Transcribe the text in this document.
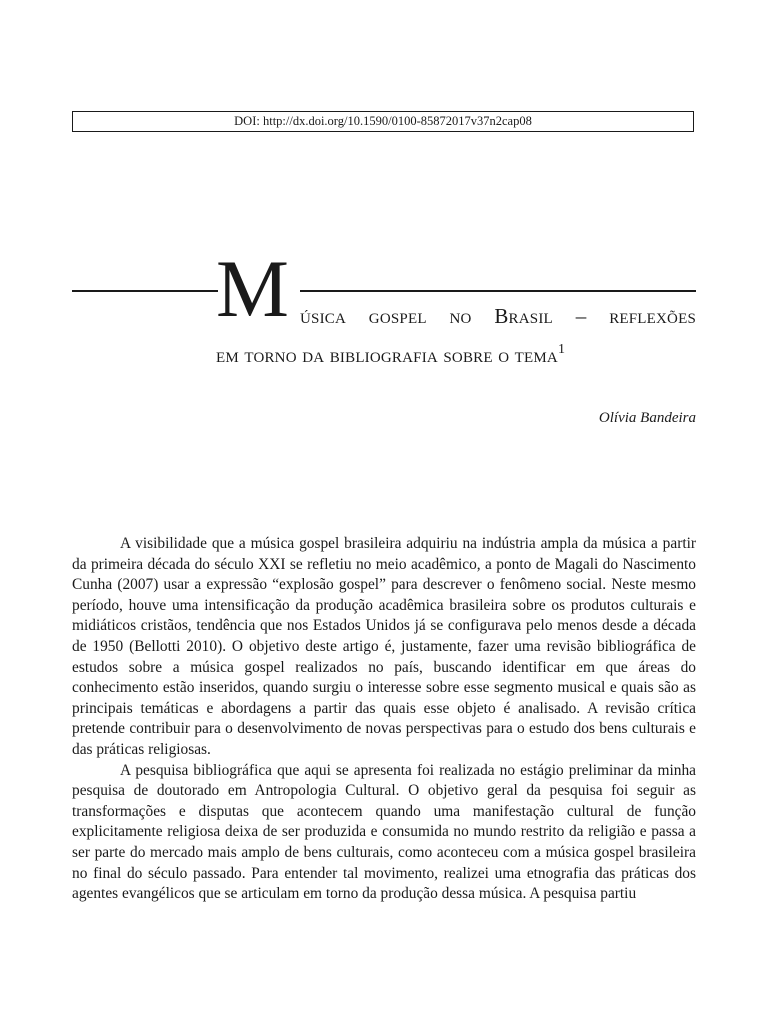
DOI: http://dx.doi.org/10.1590/0100-85872017v37n2cap08
M úsica gospel no Brasil – reflexões
em torno da bibliografia sobre o tema$^1$
Olívia Bandeira

A visibilidade que a música gospel brasileira adquiriu na indústria ampla da música a partir da primeira década do século XXI se refletiu no meio acadêmico, a ponto de Magali do Nascimento Cunha (2007) usar a expressão “explosão gospel” para descrever o fenômeno social. Neste mesmo período, houve uma intensificação da produção acadêmica brasileira sobre os produtos culturais e midiáticos cristãos, tendência que nos Estados Unidos já se configurava pelo menos desde a década de 1950 (Bellotti 2010). O objetivo deste artigo é, justamente, fazer uma revisão bibliográfica de estudos sobre a música gospel realizados no país, buscando identificar em que áreas do conhecimento estão inseridos, quando surgiu o interesse sobre esse segmento musical e quais são as principais temáticas e abordagens a partir das quais esse objeto é analisado. A revisão crítica pretende contribuir para o desenvolvimento de novas perspectivas para o estudo dos bens culturais e das práticas religiosas.

A pesquisa bibliográfica que aqui se apresenta foi realizada no estágio preliminar da minha pesquisa de doutorado em Antropologia Cultural. O objetivo geral da pesquisa foi seguir as transformações e disputas que acontecem quando uma manifestação cultural de função explicitamente religiosa deixa de ser produzida e consumida no mundo restrito da religião e passa a ser parte do mercado mais amplo de bens culturais, como aconteceu com a música gospel brasileira no final do século passado. Para entender tal movimento, realizei uma etnografia das práticas dos agentes evangélicos que se articulam em torno da produção dessa música. A pesquisa partiu
